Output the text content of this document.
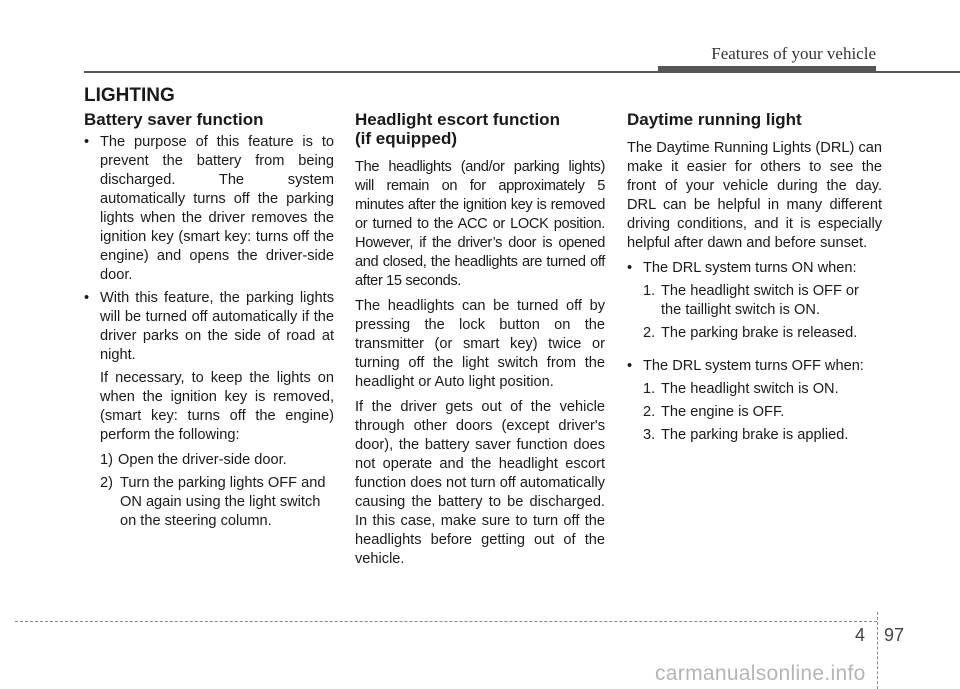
Features of your vehicle
LIGHTING
Battery saver function
• The purpose of this feature is to prevent the battery from being discharged. The system automatically turns off the parking lights when the driver removes the ignition key (smart key: turns off the engine) and opens the driver-side door.
• With this feature, the parking lights will be turned off automatically if the driver parks on the side of road at night.
If necessary, to keep the lights on when the ignition key is removed, (smart key: turns off the engine) perform the following:
1) Open the driver-side door.
2) Turn the parking lights OFF and ON again using the light switch on the steering column.
Headlight escort function
(if equipped)

The headlights (and/or parking lights) will remain on for approximately 5 minutes after the ignition key is removed or turned to the ACC or LOCK position. However, if the driver’s door is opened and closed, the headlights are turned off after 15 seconds.

The headlights can be turned off by pressing the lock button on the transmitter (or smart key) twice or turning off the light switch from the headlight or Auto light position.

If the driver gets out of the vehicle through other doors (except driver's door), the battery saver function does not operate and the headlight escort function does not turn off automatically causing the battery to be discharged. In this case, make sure to turn off the headlights before getting out of the vehicle.

Daytime running light

The Daytime Running Lights (DRL) can make it easier for others to see the front of your vehicle during the day. DRL can be helpful in many different driving conditions, and it is especially helpful after dawn and before sunset.

• The DRL system turns ON when:
1. The headlight switch is OFF or the taillight switch is ON.
2. The parking brake is released.
• The DRL system turns OFF when:
1. The headlight switch is ON.
2. The engine is OFF.
3. The parking brake is applied.
4 97
carmanualsonline.info
